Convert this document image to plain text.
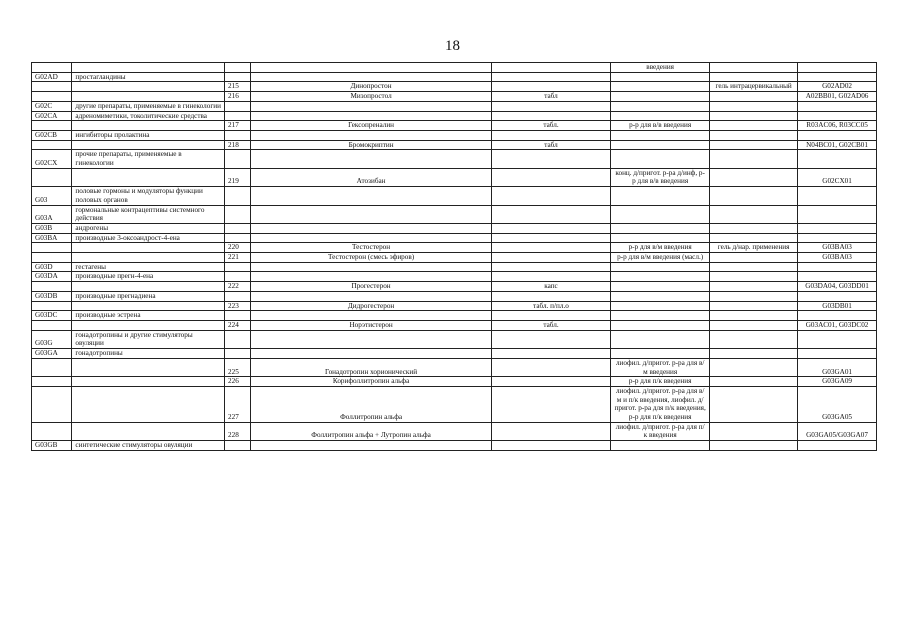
18
					введения		
G02AD	простагландины						
		215	Динопростон			гель интрацервикальный	G02AD02
		216	Мизопростол	табл			A02BB01, G02AD06
G02C	другие препараты, применяемые в гинекологии						
G02CA	адреномиметики, токолитические средства						
		217	Гексопреналин	табл.	р-р для в/в введения		R03AC06, R03CC05
G02CB	ингибиторы пролактина						
		218	Бромокриптин	табл			N04BC01, G02CB01
G02CX	прочие препараты, применяемые в гинекологии						
		219	Атозибан		конц. д/пригот. р-ра д/инф, р-р для в/в введения		G02CX01
G03	половые гормоны и модуляторы функции половых органов						
G03A	гормональные контрацептивы системного действия						
G03B	андрогены						
G03BA	производные 3-оксоандрост-4-ена						
		220	Тестостерон		р-р для в/м введения	гель д/нар. применения	G03BA03
		221	Тестостерон (смесь эфиров)		р-р для в/м введения (масл.)		G03BA03
G03D	гестагены						
G03DA	производные прегн-4-ена						
		222	Прогестерон	капс			G03DA04, G03DD01
G03DB	производные прегнадиена						
		223	Дидрогестерон	табл. п/пл.о			G03DB01
G03DC	производные эстрена						
		224	Норэтистерон	табл.			G03AC01, G03DC02
G03G	гонадотропины и другие стимуляторы овуляции						
G03GA	гонадотропины						
		225	Гонадотропин хорионический		лиофил. д/пригот. р-ра для в/м введения		G03GA01
		226	Корифоллитропин альфа		р-р для п/к введения		G03GA09
		227	Фоллитропин альфа		лиофил. д/пригот. р-ра для в/м и п/к введения, лиофил. д/пригот. р-ра для п/к введения, р-р для п/к введения		G03GA05
		228	Фоллитропин альфа + Лутропин альфа		лиофил. д/пригот. р-ра для п/к введения		G03GA05/G03GA07
G03GB	синтетические стимуляторы овуляции						
